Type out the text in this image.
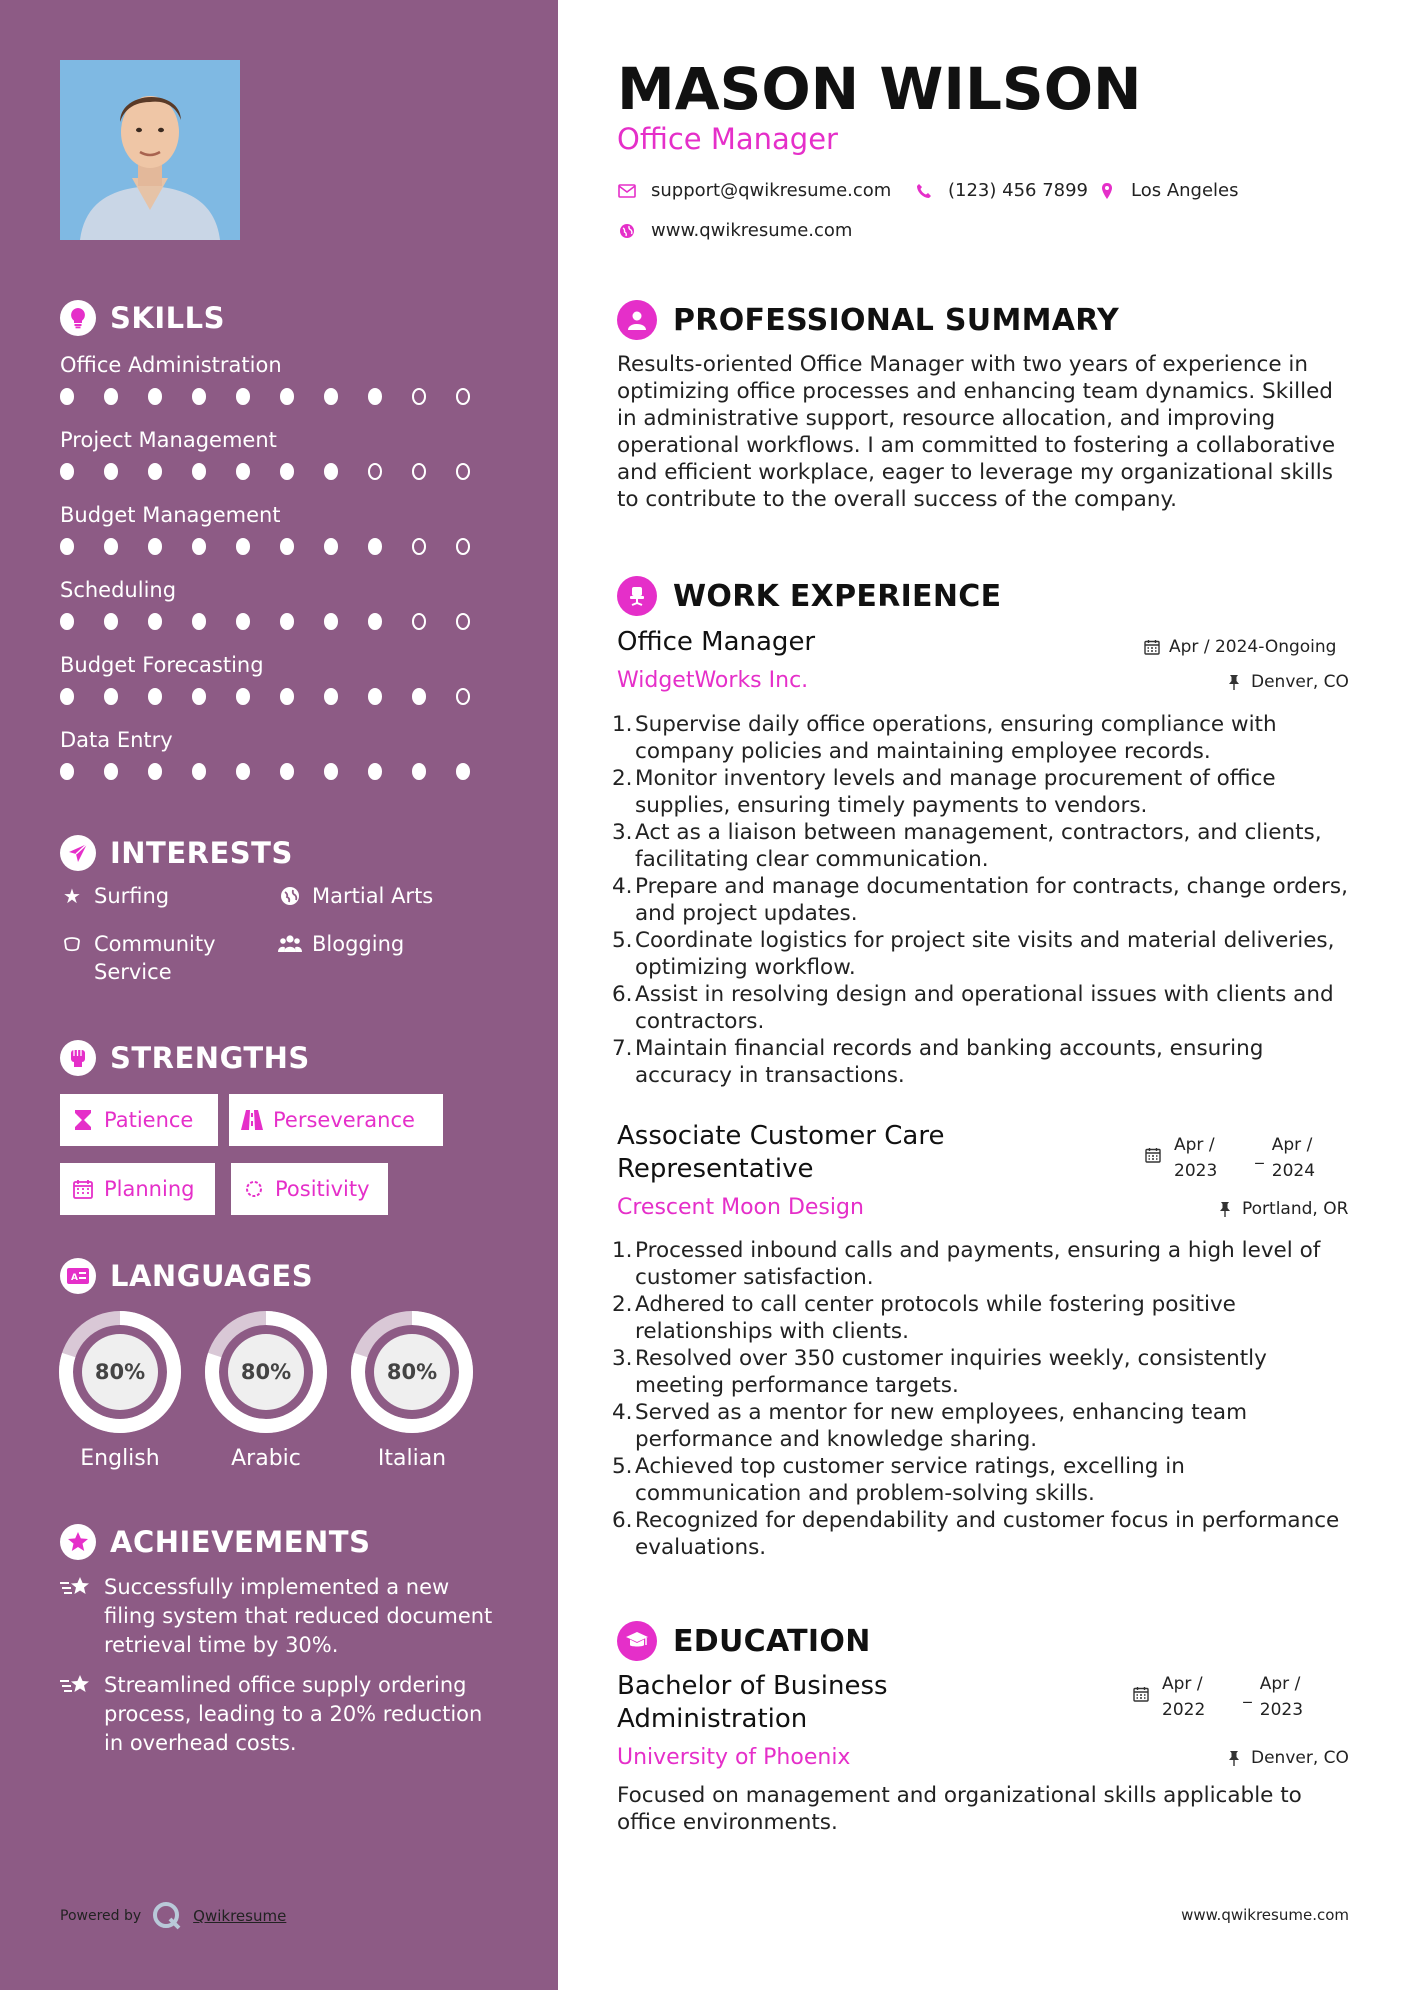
SKILLS
Office Administration
Project Management
Budget Management
Scheduling
Budget Forecasting
Data Entry
INTERESTS
★ Surfing	Martial Arts
Community Service
Blogging
STRENGTHS
Patience	Perseverance
Planning	Positivity
A LANGUAGES
80%
English
80%
Arabic
80%
Italian
ACHIEVEMENTS
Successfully implemented a new filing system that reduced document retrieval time by 30%.
Streamlined office supply ordering process, leading to a 20% reduction in overhead costs.
Powered by	Qwikresume
MASON WILSON
Office Manager
support@qwikresume.com	(123) 456 7899 Los Angeles
www.qwikresume.com
PROFESSIONAL SUMMARY
Results-oriented Office Manager with two years of experience in optimizing office processes and enhancing team dynamics. Skilled in administrative support, resource allocation, and improving operational workflows. I am committed to fostering a collaborative and efficient workplace, eager to leverage my organizational skills to contribute to the overall success of the company.
WORK EXPERIENCE
Office Manager
WidgetWorks Inc.
Apr / 2024-Ongoing
Denver, CO
1. Supervise daily office operations, ensuring compliance with company policies and maintaining employee records.
2. Monitor inventory levels and manage procurement of office supplies, ensuring timely payments to vendors.
3. Act as a liaison between management, contractors, and clients, facilitating clear communication.
4. Prepare and manage documentation for contracts, change orders, and project updates.
5. Coordinate logistics for project site visits and material deliveries, optimizing workflow.
6. Assist in resolving design and operational issues with clients and contractors.
7. Maintain financial records and banking accounts, ensuring accuracy in transactions.
Associate Customer Care Representative
Crescent Moon Design
Apr /
2023
_ Apr /
2024
Portland, OR
1. Processed inbound calls and payments, ensuring a high level of customer satisfaction.
2. Adhered to call center protocols while fostering positive relationships with clients.
3. Resolved over 350 customer inquiries weekly, consistently meeting performance targets.
4. Served as a mentor for new employees, enhancing team performance and knowledge sharing.
5. Achieved top customer service ratings, excelling in communication and problem-solving skills.
6. Recognized for dependability and customer focus in performance evaluations.
EDUCATION
Bachelor of Business Administration
University of Phoenix
Apr /
2022
_ Apr /
2023
Denver, CO
Focused on management and organizational skills applicable to office environments.
www.qwikresume.com
